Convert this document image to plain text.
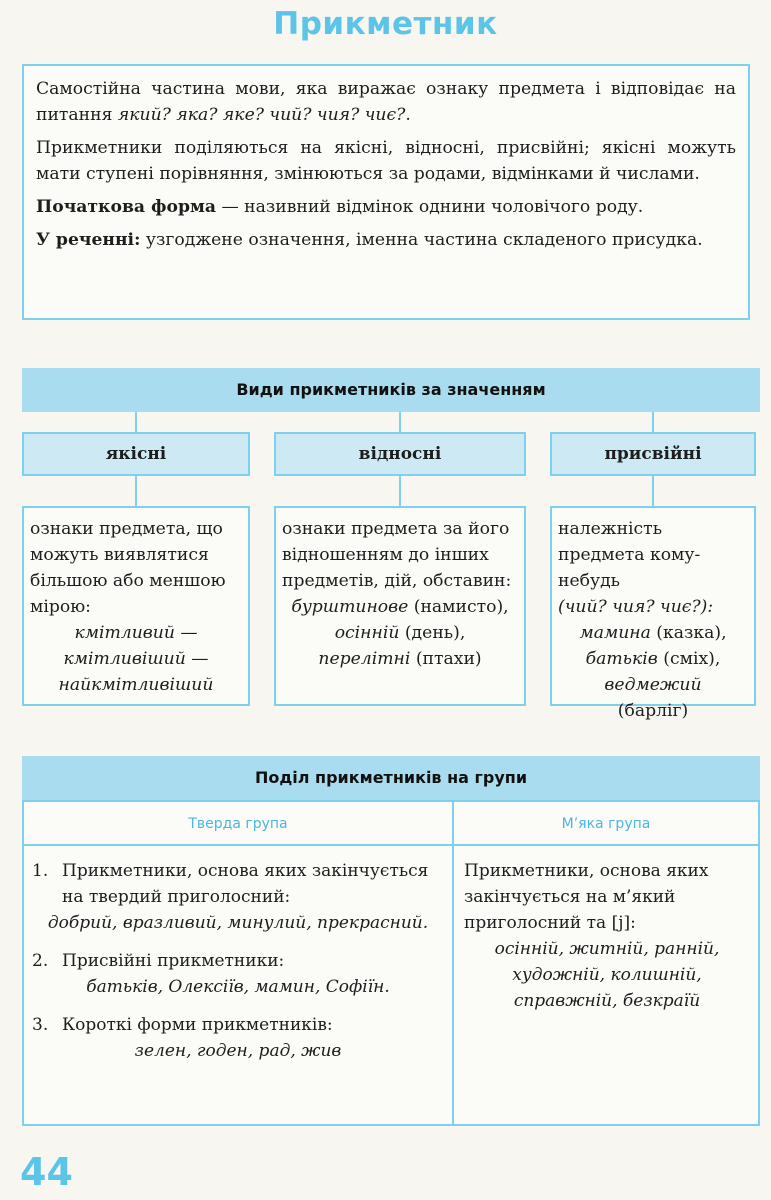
Прикметник

Самостійна частина мови, яка виражає ознаку предмета і відповідає на питання який? яка? яке? чий? чия? чиє?.

Прикметники поділяються на якісні, відносні, присвійні; якісні можуть мати ступені порівняння, змінюються за родами, відмінками й числами.

Початкова форма — називний відмінок однини чоловічого роду.

У реченні: узгоджене означення, іменна частина складеного присудка.

Види прикметників за значенням
якісні	відносні	присвійні
ознаки предмета, що можуть виявлятися більшою або меншою мірою:
кмітливий —
кмітливіший —
найкмітливіший
ознаки предмета за його відношенням до інших предметів, дій, обставин:
бурштинове (намисто), осінній (день),
перелітні (птахи)
належність предмета кому-небудь
(чий? чия? чиє?):
мамина (казка),
батьків (сміх),
ведмежий
(барліг)
Поділ прикметників на групи
Тверда група	М’яка група
1. Прикметники, основа яких закінчується на твердий приголосний:
добрий, вразливий, минулий, прекрасний.
2. Присвійні прикметники:
батьків, Олексіїв, мамин, Софіїн.
3. Короткі форми прикметників:
зелен, годен, рад, жив
Прикметники, основа яких закінчується на м’який приголосний та [j]:
осінній, житній, ранній, художній, колишній, справжній, безкраїй
44
